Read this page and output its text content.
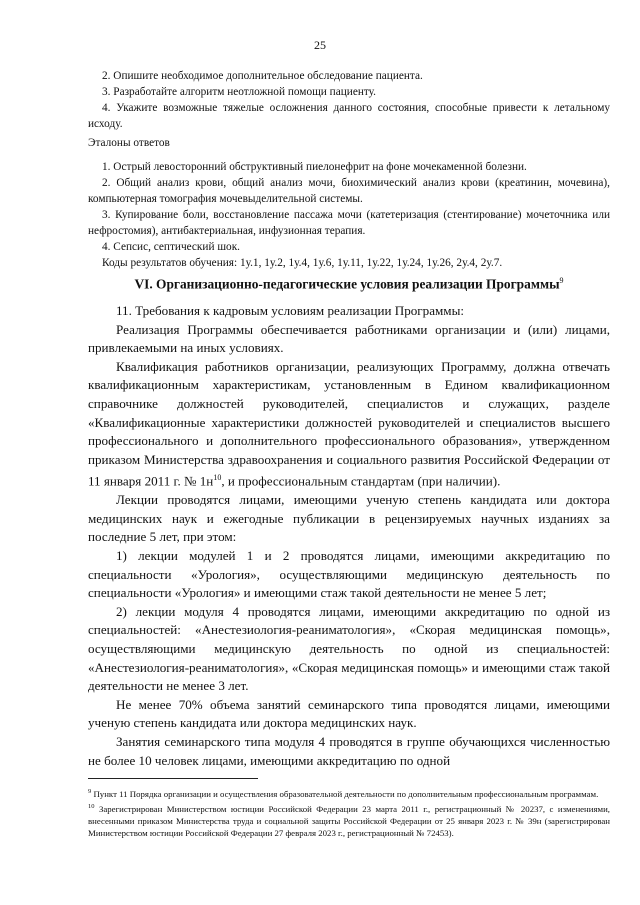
25

2. Опишите необходимое дополнительное обследование пациента.

3. Разработайте алгоритм неотложной помощи пациенту.

4. Укажите возможные тяжелые осложнения данного состояния, способные привести к летальному исходу.

Эталоны ответов

1. Острый левосторонний обструктивный пиелонефрит на фоне мочекаменной болезни.

2. Общий анализ крови, общий анализ мочи, биохимический анализ крови (креатинин, мочевина), компьютерная томография мочевыделительной системы.

3. Купирование боли, восстановление пассажа мочи (катетеризация (стентирование) мочеточника или нефростомия), антибактериальная, инфузионная терапия.

4. Сепсис, септический шок.

Коды результатов обучения: 1у.1, 1у.2, 1у.4, 1у.6, 1у.11, 1у.22, 1у.24, 1у.26, 2у.4, 2у.7.

VI. Организационно-педагогические условия реализации Программы$^9$

11. Требования к кадровым условиям реализации Программы:

Реализация Программы обеспечивается работниками организации и (или) лицами, привлекаемыми на иных условиях.

Квалификация работников организации, реализующих Программу, должна отвечать квалификационным характеристикам, установленным в Едином квалификационном справочнике должностей руководителей, специалистов и служащих, разделе «Квалификационные характеристики должностей руководителей и специалистов высшего профессионального и дополнительного профессионального образования», утвержденном приказом Министерства здравоохранения и социального развития Российской Федерации от 11 января 2011 г. № $1н^{10}$, и профессиональным стандартам (при наличии).

Лекции проводятся лицами, имеющими ученую степень кандидата или доктора медицинских наук и ежегодные публикации в рецензируемых научных изданиях за последние 5 лет, при этом:

1) лекции модулей 1 и 2 проводятся лицами, имеющими аккредитацию по специальности «Урология», осуществляющими медицинскую деятельность по специальности «Урология» и имеющими стаж такой деятельности не менее 5 лет;

2) лекции модуля 4 проводятся лицами, имеющими аккредитацию по одной из специальностей: «Анестезиология-реаниматология», «Скорая медицинская помощь», осуществляющими медицинскую деятельность по одной из специальностей: «Анестезиология-реаниматология», «Скорая медицинская помощь» и имеющими стаж такой деятельности не менее 3 лет.

Не менее 70% объема занятий семинарского типа проводятся лицами, имеющими ученую степень кандидата или доктора медицинских наук.

Занятия семинарского типа модуля 4 проводятся в группе обучающихся численностью не более 10 человек лицами, имеющими аккредитацию по одной

$^9$ Пункт 11 Порядка организации и осуществления образовательной деятельности по дополнительным профессиональным программам.

$^{10}$ Зарегистрирован Министерством юстиции Российской Федерации 23 марта 2011 г., регистрационный № 20237, с изменениями, внесенными приказом Министерства труда и социальной защиты Российской Федерации от 25 января 2023 г. № 39н (зарегистрирован Министерством юстиции Российской Федерации 27 февраля 2023 г., регистрационный № 72453).
